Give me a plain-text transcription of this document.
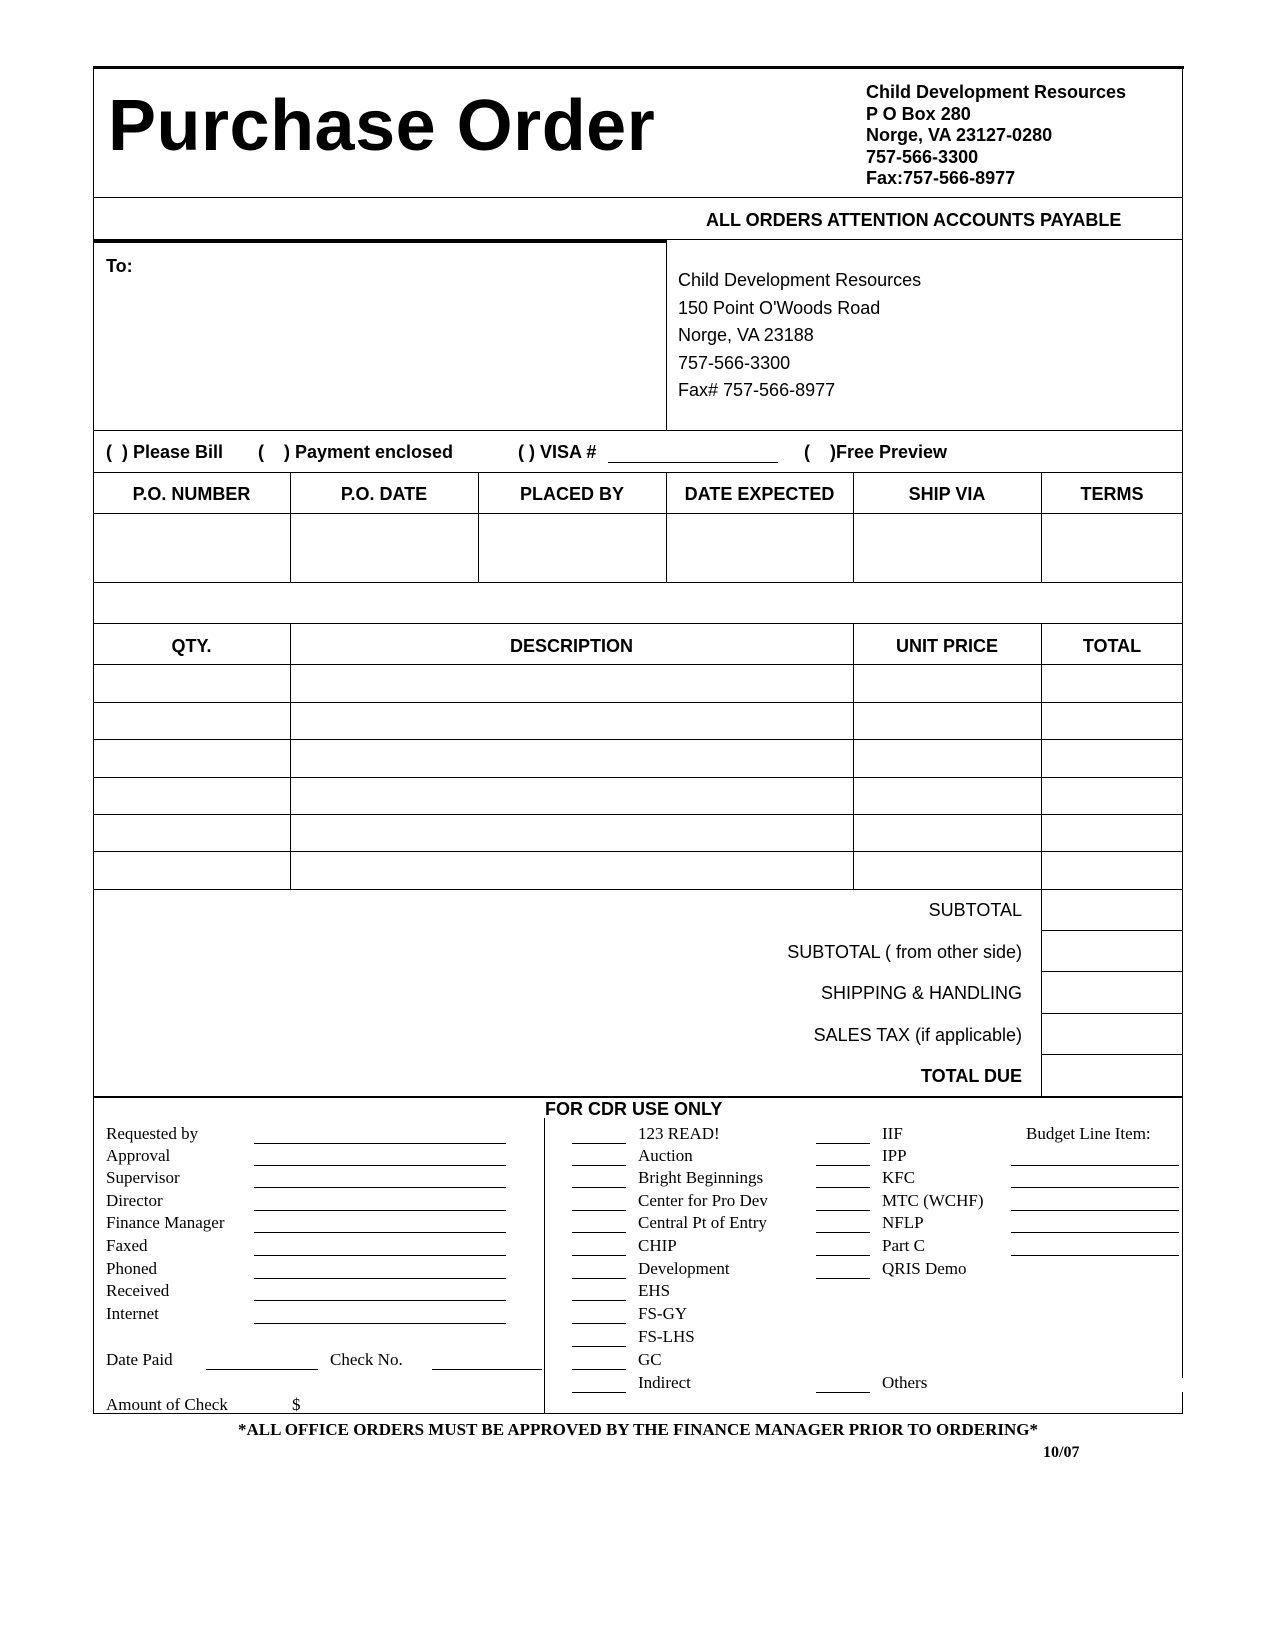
Purchase Order	Child Development Resources
P O Box 280
Norge, VA 23127-0280
757-566-3300
Fax:757-566-8977
ALL ORDERS ATTENTION ACCOUNTS PAYABLE
To:
Child Development Resources
150 Point O'Woods Road
Norge, VA 23188
757-566-3300
Fax# 757-566-8977
(  ) Please Bill (    ) Payment enclosed	( ) VISA #	(    )Free Preview
P.O. NUMBER	P.O. DATE	PLACED BY	DATE EXPECTED	SHIP VIA	TERMS
QTY.	DESCRIPTION	UNIT PRICE	TOTAL
SUBTOTAL
SUBTOTAL ( from other side)
SHIPPING & HANDLING
SALES TAX (if applicable)
TOTAL DUE
FOR CDR USE ONLY
Requested by
Approval
Supervisor
Director
Finance Manager
Faxed
Phoned
Received
Internet
Date Paid	Check No.
Amount of Check	$
123 READ!
Auction
Bright Beginnings
Center for Pro Dev
Central Pt of Entry
CHIP
Development
EHS
FS-GY
FS-LHS
GC
Indirect
IIF
IPP
KFC
MTC (WCHF)
NFLP
Part C
QRIS Demo
Others
Budget Line Item:
*ALL OFFICE ORDERS MUST BE APPROVED BY THE FINANCE MANAGER PRIOR TO ORDERING*
10/07
